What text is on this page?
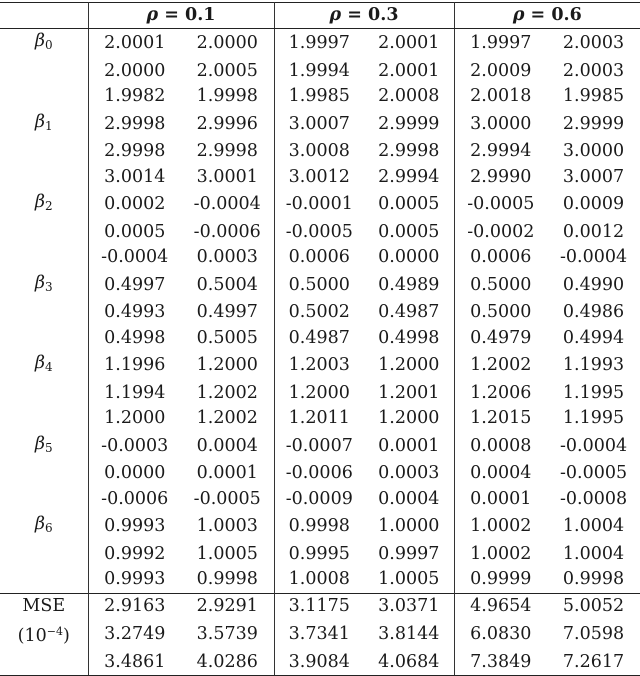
	ρ = 0.1		ρ = 0.3		ρ = 0.6	
$\beta_0$	2.0001	2.0000	1.9997	2.0001	1.9997	2.0003
	2.0000	2.0005	1.9994	2.0001	2.0009	2.0003
	1.9982	1.9998	1.9985	2.0008	2.0018	1.9985
$\beta_1$	2.9998	2.9996	3.0007	2.9999	3.0000	2.9999
	2.9998	2.9998	3.0008	2.9998	2.9994	3.0000
	3.0014	3.0001	3.0012	2.9994	2.9990	3.0007
$\beta_2$	0.0002	-0.0004	-0.0001	0.0005	-0.0005	0.0009
	0.0005	-0.0006	-0.0005	0.0005	-0.0002	0.0012
	-0.0004	0.0003	0.0006	0.0000	0.0006	-0.0004
$\beta_3$	0.4997	0.5004	0.5000	0.4989	0.5000	0.4990
	0.4993	0.4997	0.5002	0.4987	0.5000	0.4986
	0.4998	0.5005	0.4987	0.4998	0.4979	0.4994
$\beta_4$	1.1996	1.2000	1.2003	1.2000	1.2002	1.1993
	1.1994	1.2002	1.2000	1.2001	1.2006	1.1995
	1.2000	1.2002	1.2011	1.2000	1.2015	1.1995
$\beta_5$	-0.0003	0.0004	-0.0007	0.0001	0.0008	-0.0004
	0.0000	0.0001	-0.0006	0.0003	0.0004	-0.0005
	-0.0006	-0.0005	-0.0009	0.0004	0.0001	-0.0008
$\beta_6$	0.9993	1.0003	0.9998	1.0000	1.0002	1.0004
	0.9992	1.0005	0.9995	0.9997	1.0002	1.0004
	0.9993	0.9998	1.0008	1.0005	0.9999	0.9998
MSE	2.9163	2.9291	3.1175	3.0371	4.9654	5.0052
$(10^{-4})$	3.2749	3.5739	3.7341	3.8144	6.0830	7.0598
	3.4861	4.0286	3.9084	4.0684	7.3849	7.2617
